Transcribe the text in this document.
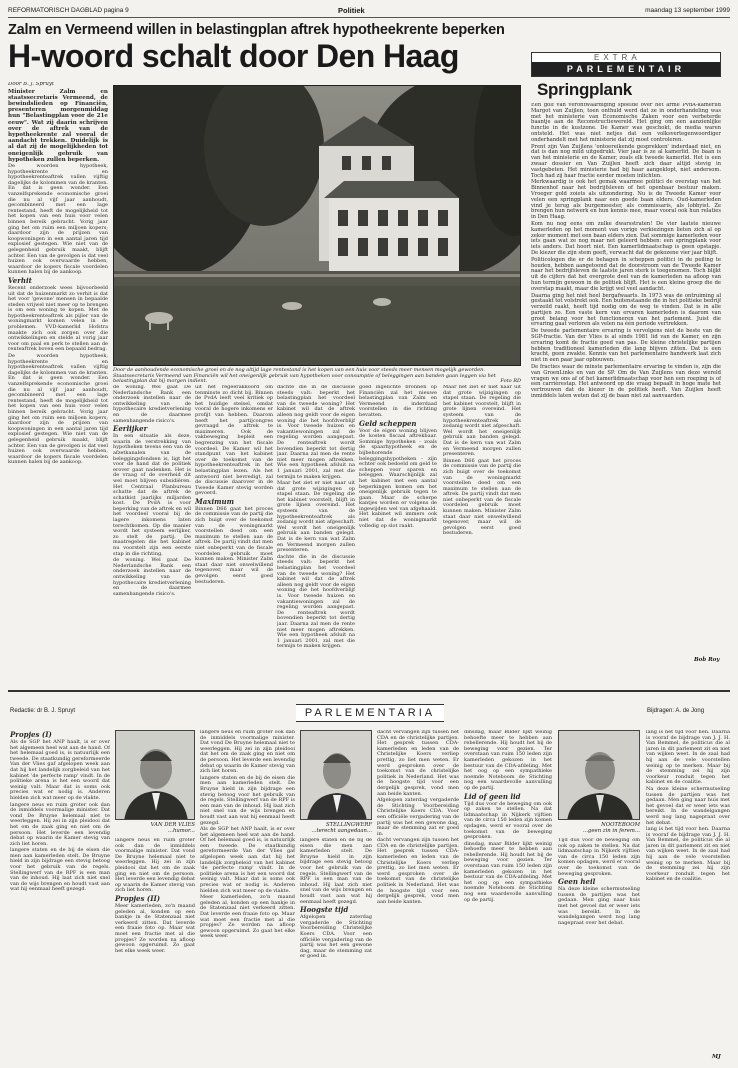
REFORMATORISCH DAGBLAD pagina 9	Politiek	maandag 13 september 1999
Zalm en Vermeend willen in belastingplan aftrek hypotheekrente beperken
H-woord schalt door Den Haag

Door B. J. Spruyt

Minister Zalm en staatssecretaris Vermeend, de bewindslieden op Financiën, presenteren morgenmiddag hun "Belastingplan voor de 21e eeuw". Wat zij daarin schrijven over de aftrek van de hypotheekrente zal vooral de aandacht trekken. Duidelijk is al dat zij de mogelijkheden tot oneigenlijk gebruik van hypotheken zullen beperken.

De woorden hypotheek, hypotheekrente en hypotheekrenteaftrek vallen vijftig dagelijks de kolommen van de kranten. En dat is geen wonder. Een vanzelfsprekende economische groei die nu al vijf jaar aanhoudt, gecombineerd met een lage rentestand, heeft de mogelijkheid tot het kopen van een huis voor velen binnen bereik gebracht. Vorig jaar ging het om ruim een miljoen kopers; daardoor zijn de prijzen van koopwoningen in een aantal jaren tijd explosief gestegen. Wie niet van de gelegenheid gebruik maakt, blijft achter. Een van de gevolgen is dat veel huizen ook overwaarde hebben, waardoor de kopers fiscale voordelen kunnen halen bij de aankoop.

Verhit

Recent onderzoek wees bijvoorbeeld uit dat de huizenmarkt zo verhit is dat het voor 'gewone' mensen in bepaalde steden vrijwel niet meer op te brengen is om een woning te kopen. Met de hypotheekrenteaftrek als pijler van de woningmarkt komen velen in de problemen. VVD-kamerlid Hofstra maakte zich ook zorgen over die ontwikkelingen en stelde al vorig jaar voor om paal en perk te stellen aan de renteaftrek boven een bepaald bedrag.

De woorden hypotheek, hypotheekrente en hypotheekrenteaftrek vallen vijftig dagelijks de kolommen van de kranten. En dat is geen wonder. Een vanzelfsprekende economische groei die nu al vijf jaar aanhoudt, gecombineerd met een lage rentestand, heeft de mogelijkheid tot het kopen van een huis voor velen binnen bereik gebracht. Vorig jaar ging het om ruim een miljoen kopers; daardoor zijn de prijzen van koopwoningen in een aantal jaren tijd explosief gestegen. Wie niet van de gelegenheid gebruik maakt, blijft achter. Een van de gevolgen is dat veel huizen ook overwaarde hebben, waardoor de kopers fiscale voordelen kunnen halen bij de aankoop.

Door de aanhoudende economische groei en de nog altijd lage rentestand is het kopen van een huis voor steeds meer mensen mogelijk geworden. Staatssecretaris Vermeend van Financiën wil het oneigenlijk gebruik van hypotheken voor consumptie of beleggingen aan banden gaan leggen via het belastingplan dat hij morgen indient.	Foto RD

de woning. Wel gaat De Nederlandsche Bank een onderzoek instellen naar de ontwikkeling van de hypothecaire kredietverlening en de daarmee samenhangende risico's.

Eerlijker

In een situatie als deze, waarin de verstrekking van hypotheken tevens een van de afzetkanalen van de beleggingsfondsen is, ligt het voor de hand dat de politiek erover gaat nadenken. Het is de vraag of de overheid dit wel moet blijven subsidiëren. Het Centraal Planbureau schatte dat de aftrek de schatkist jaarlijks miljarden kost. De PvdA is voor beperking van de aftrek en wil het voordeel vooral bij de lagere inkomens laten terechtkomen. Op die manier wordt het systeem eerlijker, zo stelt de partij. De maatregelen die het kabinet nu voorstelt zijn een eerste stap in die richting.

de woning. Wel gaat De Nederlandsche Bank een onderzoek instellen naar de ontwikkeling van de hypothecaire kredietverlening en de daarmee samenhangende risico's.

uit het regeerakkoord om tenminste zo dicht bij. Binnen de PvdA leeft veel kritiek op het huidige stelsel, omdat vooral de hogere inkomens er profijt van hebben. Daarom heeft het partijcongres gevraagd de aftrek te maximeren. Ook de vakbeweging bepleit een begrenzing van het fiscale voordeel. De Kamer wil het standpunt van het kabinet over de toekomst van de hypotheekrenteaftrek in het belastingplan lezen. Als het antwoord niet bevredigt, zal de discussie daarover in de Tweede Kamer stevig worden gevoerd.

Maximum

Binnen D66 gaat het proces de commissie van de partij die zich buigt over de toekomst van de woningmarkt voorstellen deed om een maximum te stellen aan de aftrek. De partij vindt dat men niet onbeperkt van de fiscale voordelen gebruik moet kunnen maken. Minister Zalm staat daar niet onwelwillend tegenover, maar wil de gevolgen eerst goed bestuderen.

dachte die in de discussie steeds valt: beperkt het belastingplan het voordeel van de tweede woning? Het kabinet wil dat de aftrek alleen nog geldt voor de eigen woning die het hoofdverblijf is. Voor tweede huizen en vakantiewoningen zal de regeling worden aangepast. De renteaftrek wordt bovendien beperkt tot dertig jaar. Daarna zal men de rente niet meer mogen aftrekken. Wie een hypotheek afsluit na 1 januari 2001, zal met die termijn te maken krijgen.

Maar het ziet er niet naar uit dat grote wijzigingen op stapel staan. De regeling die het kabinet voorstelt, blijft in grote lijnen overeind. Het systeem van de hypotheekrenteaftrek als zodanig wordt niet afgeschaft. Wel wordt het oneigenlijk gebruik aan banden gelegd. Dat is de kern van wat Zalm en Vermeend morgen zullen presenteren.

dachte die in de discussie steeds valt: beperkt het belastingplan het voordeel van de tweede woning? Het kabinet wil dat de aftrek alleen nog geldt voor de eigen woning die het hoofdverblijf is. Voor tweede huizen en vakantiewoningen zal de regeling worden aangepast. De renteaftrek wordt bovendien beperkt tot dertig jaar. Daarna zal men de rente niet meer mogen aftrekken. Wie een hypotheek afsluit na 1 januari 2001, zal met die termijn te maken krijgen.

goed ingelichte bronnen op Financiën zal het nieuwe belastingplan van Zalm en Vermeend inderdaad voorstellen in die richting bevatten.

Geld scheppen

Voor de eigen woning blijven de kosten fiscaal aftrekbaar. Sommige hypotheken - zoals de spaarhypotheek en de bijbehorende beleggingshypotheken - zijn echter ook bedoeld om geld te scheppen voor sparen en beleggen. Waarschijnlijk zal het kabinet met een aantal beperkingen komen om het oneigenlijk gebruik tegen te gaan. Maar de scherpe kantjes worden er volgens de ingewijden wel van afgehaald. Het kabinet wil immers ook niet dat de woningmarkt volledig op slot raakt.

Maar het ziet er niet naar uit dat grote wijzigingen op stapel staan. De regeling die het kabinet voorstelt, blijft in grote lijnen overeind. Het systeem van de hypotheekrenteaftrek als zodanig wordt niet afgeschaft. Wel wordt het oneigenlijk gebruik aan banden gelegd. Dat is de kern van wat Zalm en Vermeend morgen zullen presenteren.

Binnen D66 gaat het proces de commissie van de partij die zich buigt over de toekomst van de woningmarkt voorstellen deed om een maximum te stellen aan de aftrek. De partij vindt dat men niet onbeperkt van de fiscale voordelen gebruik moet kunnen maken. Minister Zalm staat daar niet onwelwillend tegenover, maar wil de gevolgen eerst goed bestuderen.

EXTRA
PARLEMENTAIR
Springplank

Een golf van verontwaardiging spoelde over het arme PvdA-kamerlid Margot van Zuijlen, toen onthuld werd dat ze in onderhandeling was met het ministerie van Economische Zaken voor een verbeterde baantje aan de Reconstructiewereld. Het ging om een aanzienlijke functie in de kustzone. De Kamer was geschokt, de media waren ontsteld. Het was niet netjes dat een volksvertegenwoordiger onderhandelt met het ministerie dat zij moet controleren.

Prent zijn Van Zuijlens 'ontoereikende gesprekken' inderdaad niet, en dat is dan nog mild uitgedrukt. Vier jaar is ze al kamerlid. De baan is van het ministerie en de Kamer, zoals elk tweede kamerlid. Het is een zwaar dossier en Van Zuijlen heeft zich daar altijd stevig in vastgebeten. Het ministerie had bij haar aangeklopt, niet andersom. Toch had zij haar fractie eerder moeten inlichten.

Merkwaardig is ook het gemak waarmee politici de overstap van het Binnenhof naar het bedrijfsleven of het openbaar bestuur maken. Vroeger gold zoiets als uitzondering. Nu is de Tweede Kamer voor velen een springplank naar een goede baan elders. Oud-kamerleden vind je terug als burgemeester, als commissaris, als lobbyist. Ze brengen hun netwerk en hun kennis mee, maar vooral ook hun relaties in Den Haag.

Kom nu nog eens om zulke dwarsstraten! De vier laatste nieuwe kamerleden op het moment van vorige verkiezingen lieten zich al op zeker moment met een baan elders zien. Dat sommige kamerleden voor iets gaan wat ze nog maar net geleerd hebben: een springplank voor iets anders. Dat hoort niet. Een kamerlidmaatschap is geen opstapje. De kiezer die zijn stem geeft, verwacht dat de gekozene vier jaar blijft.

Politicologen die er de behagen in scheppen politici in de peiling te houden, hebben aangetoond dat de doorstroom van de Tweede Kamer naar het bedrijfsleven de laatste jaren sterk is toegenomen. Toch blijkt uit de cijfers dat het overgrote deel van de kamerleden na afloop van hun termijn gewoon in de politiek blijft. Het is een kleine groep die de overstap maakt, maar die krijgt wel veel aandacht.

Daarna ging het niet heel bergafwaarts. In 1973 was de ontruiming al gestaakt tot volstrekt ook. Een buitenstaande die in het politieke bedrijf verzeild raakt, heeft tijd nodig om de weg te vinden. Dat is in alle partijen zo. Een vaste kern van ervaren kamerleden is daarom van groot belang voor het functioneren van het parlement. Juist die ervaring gaat verloren als velen na één periode vertrekken.

De tweede parlementaire ervaring is vervolgens niet de beste van de SGP-fractie. Van der Vlies is al sinds 1981 lid van de Kamer, en zijn ervaring komt de fractie goed van pas. De kleine christelijke partijen hebben traditioneel kamerleden die lang blijven zitten. Dat is een kracht, geen zwakte. Kennis van het parlementaire handwerk laat zich niet in een paar jaar opbouwen.

De fracties waar de minste parlementaire ervaring te vinden is, zijn die van GroenLinks en van de SP. Om de Van Zuijlens van deze wereld vragen we ons af of het kamerlidmaatschap voor hen een roeping is of een carrièrestap. Het antwoord op die vraag bepaalt in hoge mate het vertrouwen dat de kiezer in de politiek heeft. Van Zuijlen heeft inmiddels laten weten dat zij de baan niet zal aanvaarden.

Bob Roy
Redactie: dr B. J. Spruyt	PARLEMENTARIA	Bijdragen: A. de Jong
Propjes (I)

Als de SGP het ANP haalt, is er over het algemeen heel wat aan de hand. Of het helemaal goed is, is natuurlijk een tweede. De staatkundig gereformeerde Van der Vlies gaf afgelopen week aan dat hij het landelijk zorgbeleid van het kabinet 'de perfecte ramp' vindt. In de politieke arena is het een woord dat weinig valt. Maar dat is soms ook precies wat er nodig is. Anderen hielden zich wat meer op de vlakte.

langere neus en ruim groter ook dan de inmiddels voormalige minister. Dat vond De Bruyne helemaal niet te weerleggen. Hij zei in zijn pleidooi dat het om de zaak ging en niet om de persoon. Het leverde een levendig debat op waarin de Kamer stevig van zich liet horen.

langere staten en de bij de eisen die men aan kamerleden stelt. De Bruyne hield in zijn bijdrage een stevig betoog voor het gebruik van de regels. Stellingwerf van de RPF is een man van de inhoud. Hij laat zich niet snel van de wijs brengen en houdt vast aan wat hij eenmaal heeft gezegd.

VAN DER VLIES
...humor...

langere neus en ruim groter ook dan de inmiddels voormalige minister. Dat vond De Bruyne helemaal niet te weerleggen. Hij zei in zijn pleidooi dat het om de zaak ging en niet om de persoon. Het leverde een levendig debat op waarin de Kamer stevig van zich liet horen.

Propjes (II)

Meer kamerleden, zo'n maand geleden al, konden op een bankje in de Statenzaal niet verkeerd zitten. Dat leverde een fraaie foto op. Maar wat moet een fractie met al die propjes? Ze worden na afloop gewoon opgeruimd. Zo gaat het elke week weer.

langere neus en ruim groter ook dan de inmiddels voormalige minister. Dat vond De Bruyne helemaal niet te weerleggen. Hij zei in zijn pleidooi dat het om de zaak ging en niet om de persoon. Het leverde een levendig debat op waarin de Kamer stevig van zich liet horen.

langere staten en de bij de eisen die men aan kamerleden stelt. De Bruyne hield in zijn bijdrage een stevig betoog voor het gebruik van de regels. Stellingwerf van de RPF is een man van de inhoud. Hij laat zich niet snel van de wijs brengen en houdt vast aan wat hij eenmaal heeft gezegd.

Als de SGP het ANP haalt, is er over het algemeen heel wat aan de hand. Of het helemaal goed is, is natuurlijk een tweede. De staatkundig gereformeerde Van der Vlies gaf afgelopen week aan dat hij het landelijk zorgbeleid van het kabinet 'de perfecte ramp' vindt. In de politieke arena is het een woord dat weinig valt. Maar dat is soms ook precies wat er nodig is. Anderen hielden zich wat meer op de vlakte.

Meer kamerleden, zo'n maand geleden al, konden op een bankje in de Statenzaal niet verkeerd zitten. Dat leverde een fraaie foto op. Maar wat moet een fractie met al die propjes? Ze worden na afloop gewoon opgeruimd. Zo gaat het elke week weer.

STELLINGWERF
...terecht aangedaan...

langere staten en de bij de eisen die men aan kamerleden stelt. De Bruyne hield in zijn bijdrage een stevig betoog voor het gebruik van de regels. Stellingwerf van de RPF is een man van de inhoud. Hij laat zich niet snel van de wijs brengen en houdt vast aan wat hij eenmaal heeft gezegd.

Hoogste tijd

Afgelopen zaterdag vergaderde de Stichting Voorbereiding Christelijke Koers CDA. Voor een officiële vergadering van de partij was het een gewone dag, maar de stemming zat er goed in.

dacht vervangen zijn tussen het CDA en de christelijke partijen. Het gesprek tussen CDA-kamerleden en leden van de Christelijke Koers verliep prettig, zo liet men weten. Er werd gesproken over de toekomst van de christelijke politiek in Nederland. Het was de hoogste tijd voor een dergelijk gesprek, vond men aan beide kanten.

Afgelopen zaterdag vergaderde de Stichting Voorbereiding Christelijke Koers CDA. Voor een officiële vergadering van de partij was het een gewone dag, maar de stemming zat er goed in.

dacht vervangen zijn tussen het CDA en de christelijke partijen. Het gesprek tussen CDA-kamerleden en leden van de Christelijke Koers verliep prettig, zo liet men weten. Er werd gesproken over de toekomst van de christelijke politiek in Nederland. Het was de hoogste tijd voor een dergelijk gesprek, vond men aan beide kanten.

dinsdag, maar Bilder lijkt weinig behoefte meer te hebben aan rebellerende. Hij houdt het bij de beweging voor gezien. Ter overstaan van ruim 150 leden zijn kamerleden gekozen in het bestuur van de CDA-afdeling. Met het oog op een sympathieke noemde Noteboom de Stichting nog een waardevolle aanvulling op de partij.

Lid of geen lid

Tijd dus voor de beweging om ook op zaken te stellen. Na dat lidmaatschap in Nijkerk vijftien van de circa 150 leden zijn komen opdagen, werd er vooral over de toekomst van de beweging gesproken.

dinsdag, maar Bilder lijkt weinig behoefte meer te hebben aan rebellerende. Hij houdt het bij de beweging voor gezien. Ter overstaan van ruim 150 leden zijn kamerleden gekozen in het bestuur van de CDA-afdeling. Met het oog op een sympathieke noemde Noteboom de Stichting nog een waardevolle aanvulling op de partij.

NOOTEBOOM
...geen zin in ferem...

Tijd dus voor de beweging om ook op zaken te stellen. Na dat lidmaatschap in Nijkerk vijftien van de circa 150 leden zijn komen opdagen, werd er vooral over de toekomst van de beweging gesproken.

Geen heil

Na deze kleine schermutseling tussen de partijen was het gedaan. Men ging naar huis met het gevoel dat er weer iets was bereikt. In de wandelgangen werd nog lang nagepraat over het debat.

lang is het tijd voor hen. Daarna is vooraf de bijdrage van J. J. H. Van Bemmel, de politicus die al jaren in dit parlement zit en niet van wijken weet. In de zaal had hij aan de vele voorstellen weinig op te merken. Maar bij de stemming zei hij zijn voorkeur ronduit tegen het kabinet en de coalitie.

Na deze kleine schermutseling tussen de partijen was het gedaan. Men ging naar huis met het gevoel dat er weer iets was bereikt. In de wandelgangen werd nog lang nagepraat over het debat.

lang is het tijd voor hen. Daarna is vooraf de bijdrage van J. J. H. Van Bemmel, de politicus die al jaren in dit parlement zit en niet van wijken weet. In de zaal had hij aan de vele voorstellen weinig op te merken. Maar bij de stemming zei hij zijn voorkeur ronduit tegen het kabinet en de coalitie.

MJ
